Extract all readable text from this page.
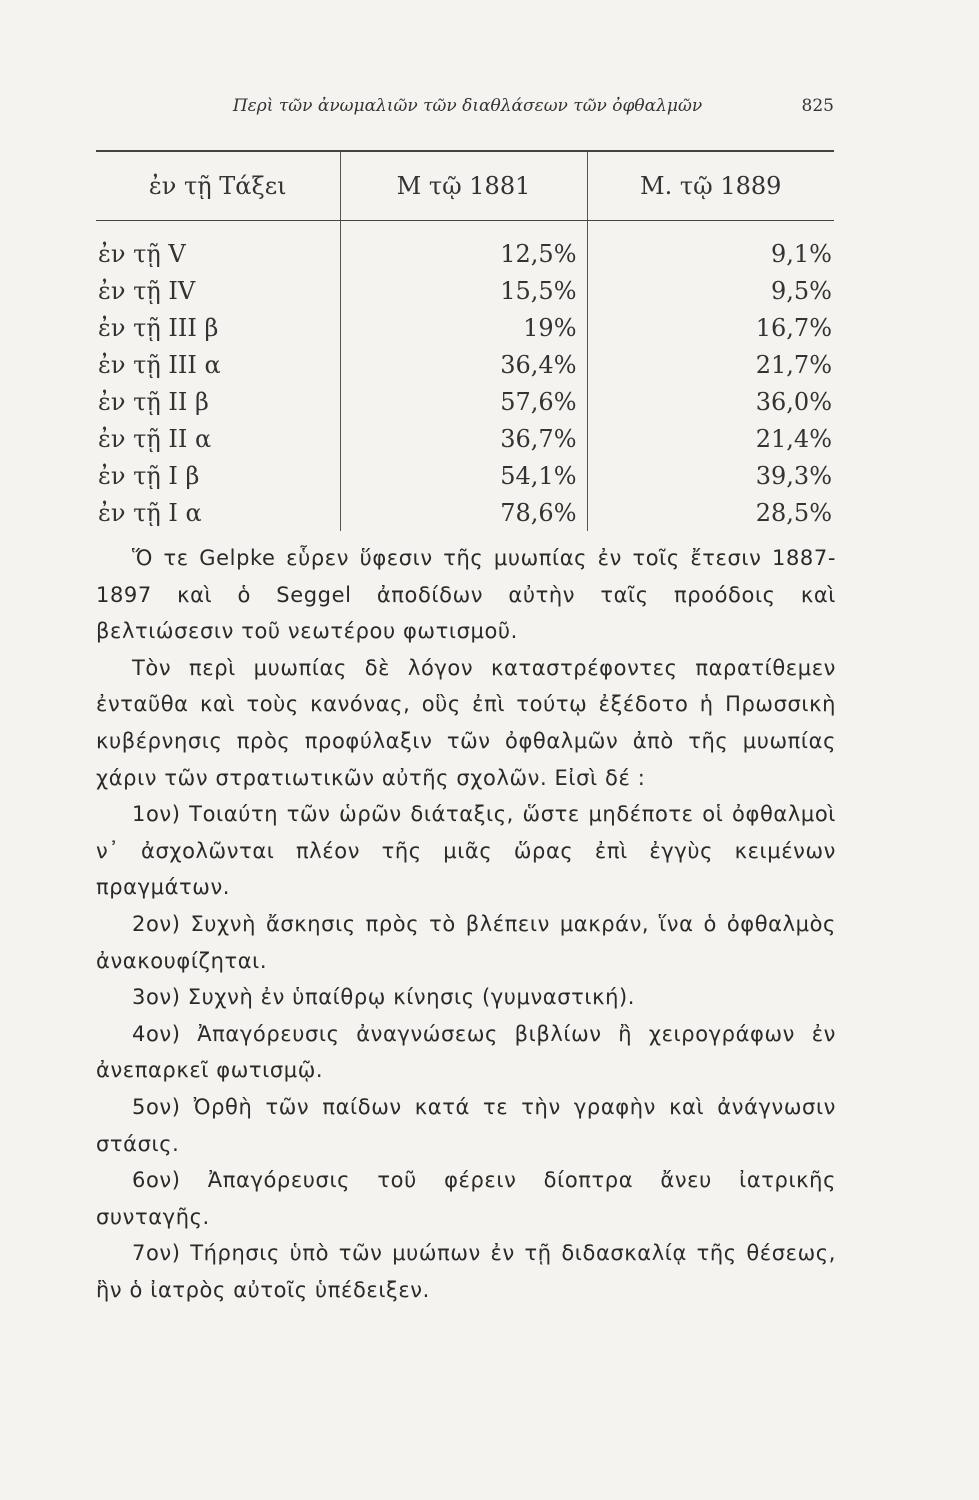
Περὶ τῶν ἀνωμαλιῶν τῶν διαθλάσεων τῶν ὀφθαλμῶν	825
ἐν τῇ Τάξει	Μ τῷ 1881	Μ. τῷ 1889
ἐν τῇ V	12,5%	9,1%
ἐν τῇ IV	15,5%	9,5%
ἐν τῇ III β	19%	16,7%
ἐν τῇ III α	36,4%	21,7%
ἐν τῇ II β	57,6%	36,0%
ἐν τῇ II α	36,7%	21,4%
ἐν τῇ I β	54,1%	39,3%
ἐν τῇ I α	78,6%	28,5%

Ὅ τε Gelpke εὗρεν ὕφεσιν τῆς μυωπίας ἐν τοῖς ἔτεσιν 1887-1897 καὶ ὁ Seggel ἀποδίδων αὐτὴν ταῖς προόδοις καὶ βελτιώσεσιν τοῦ νεωτέρου φωτισμοῦ.

Τὸν περὶ μυωπίας δὲ λόγον καταστρέφοντες παρατίθεμεν ἐνταῦθα καὶ τοὺς κανόνας, οὓς ἐπὶ τούτῳ ἐξέδοτο ἡ Πρωσσικὴ κυβέρνησις πρὸς προφύλαξιν τῶν ὀφθαλμῶν ἀπὸ τῆς μυωπίας χάριν τῶν στρατιωτικῶν αὐτῆς σχολῶν. Εἰσὶ δέ :

1ον) Τοιαύτη τῶν ὡρῶν διάταξις, ὥστε μηδέποτε οἱ ὀφθαλμοὶ ν᾿ ἀσχολῶνται πλέον τῆς μιᾶς ὥρας ἐπὶ ἐγγὺς κειμένων πραγμάτων.

2ον) Συχνὴ ἄσκησις πρὸς τὸ βλέπειν μακράν, ἵνα ὁ ὀφθαλμὸς ἀνακουφίζηται.

3ον) Συχνὴ ἐν ὑπαίθρῳ κίνησις (γυμναστική).

4ον) Ἀπαγόρευσις ἀναγνώσεως βιβλίων ἢ χειρογράφων ἐν ἀνεπαρκεῖ φωτισμῷ.

5ον) Ὀρθὴ τῶν παίδων κατά τε τὴν γραφὴν καὶ ἀνάγνωσιν στάσις.

6ον) Ἀπαγόρευσις τοῦ φέρειν δίοπτρα ἄνευ ἰατρικῆς συνταγῆς.

7ον) Τήρησις ὑπὸ τῶν μυώπων ἐν τῇ διδασκαλίᾳ τῆς θέσεως, ἣν ὁ ἰατρὸς αὐτοῖς ὑπέδειξεν.
